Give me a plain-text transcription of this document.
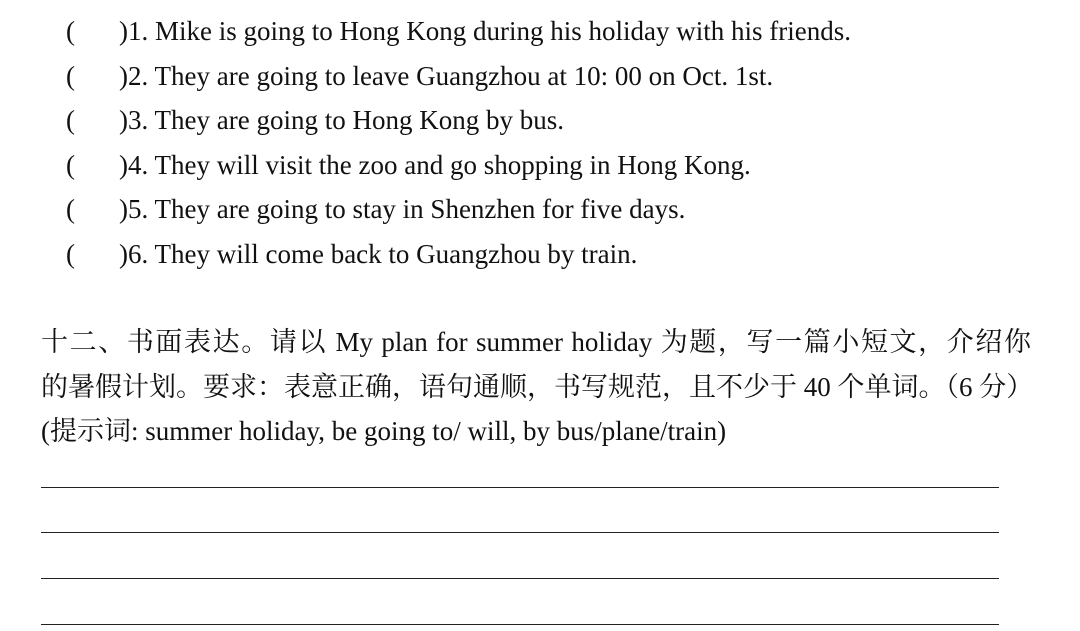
( )1. Mike is going to Hong Kong during his holiday with his friends.
( )2. They are going to leave Guangzhou at 10: 00 on Oct. 1st.
( )3. They are going to Hong Kong by bus.
( )4. They will visit the zoo and go shopping in Hong Kong.
( )5. They are going to stay in Shenzhen for five days.
( )6. They will come back to Guangzhou by train.

十二、书面表达。请以 My plan for summer holiday 为题，写一篇小短文，介绍你

的暑假计划。要求：表意正确，语句通顺，书写规范，且不少于 40 个单词。（6 分）

(提示词: summer holiday, be going to/ will, by bus/plane/train)
